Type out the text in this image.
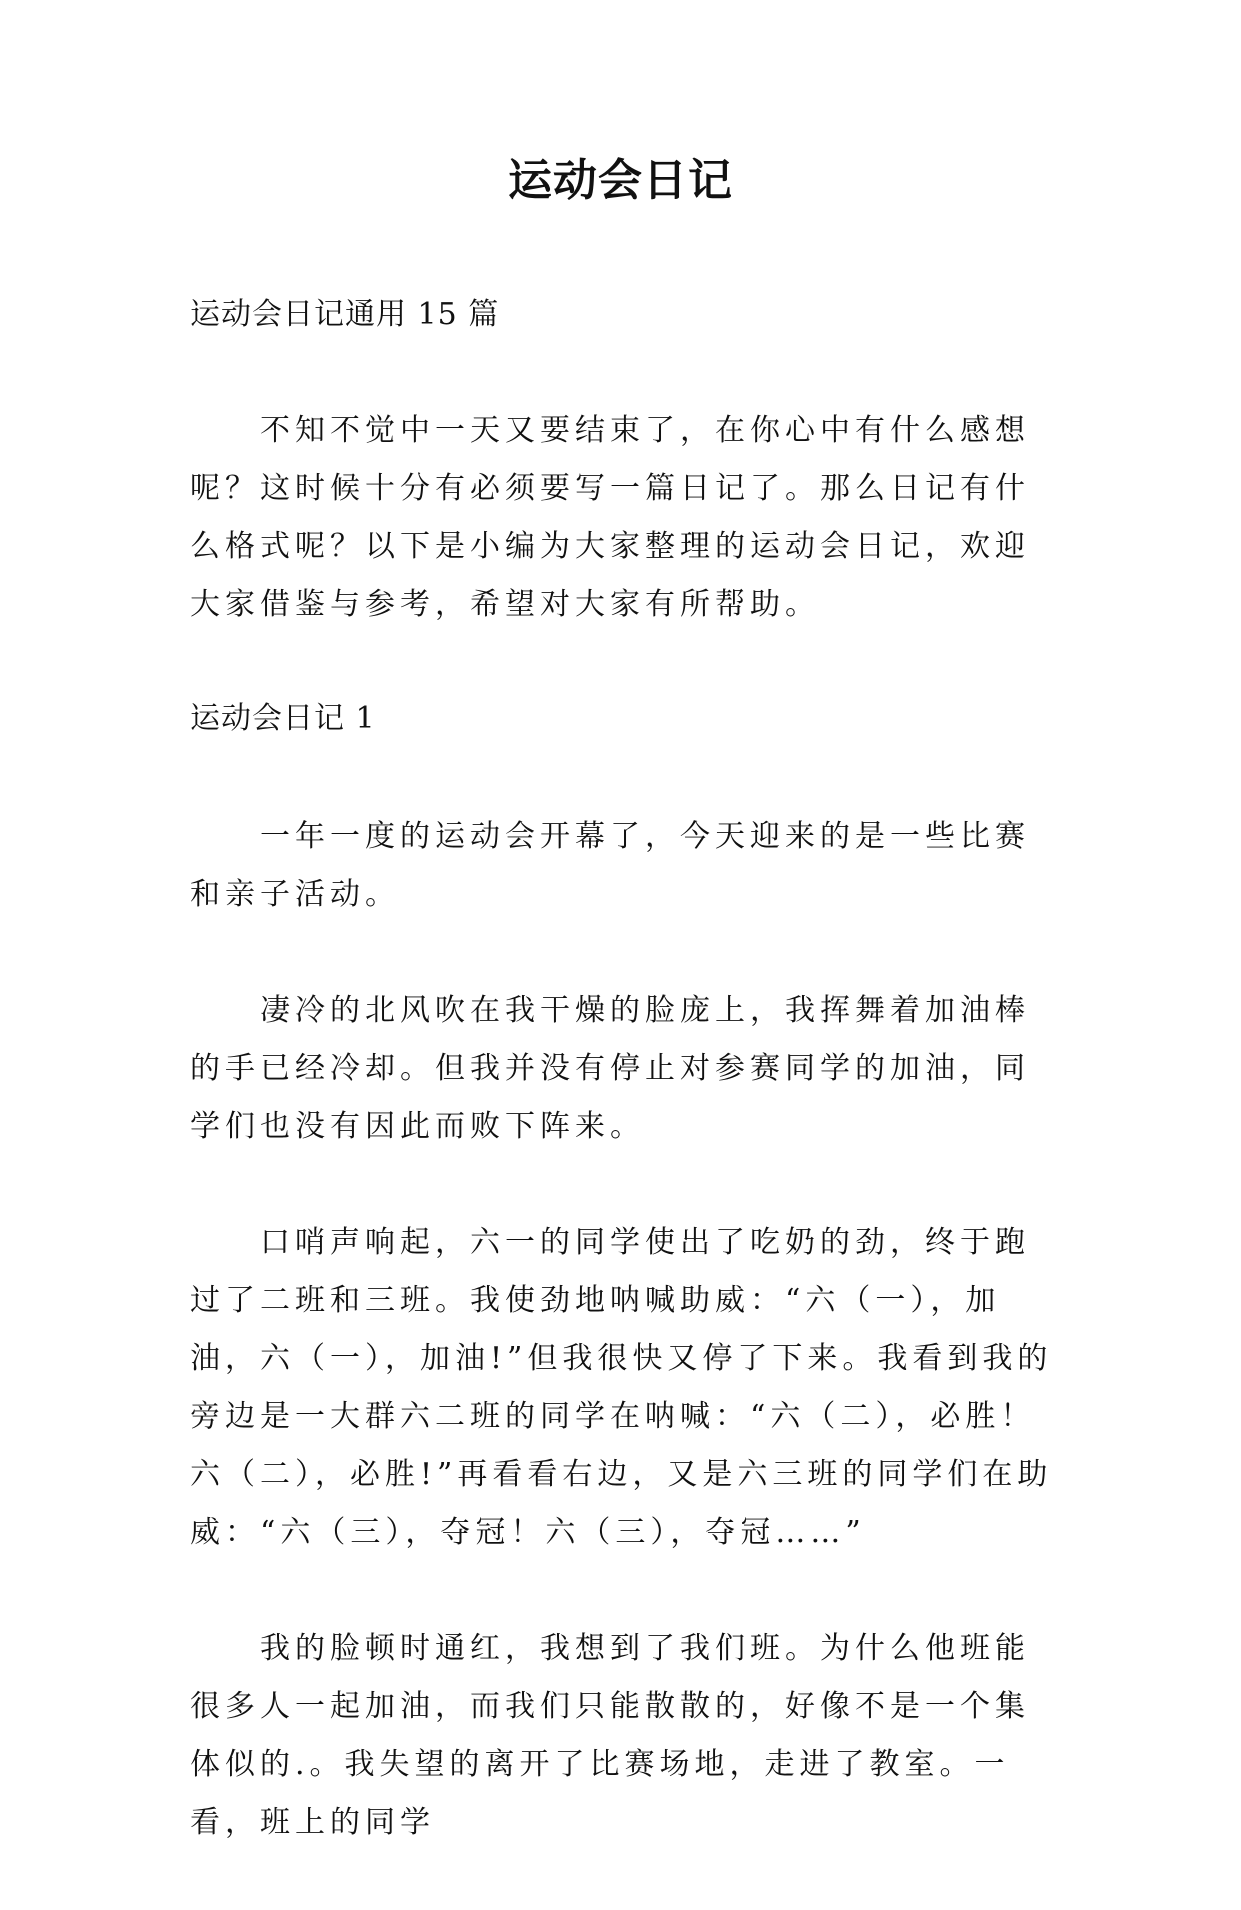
运动会日记

运动会日记通用 15 篇

不知不觉中一天又要结束了，在你心中有什么感想呢？这时候十分有必须要写一篇日记了。那么日记有什么格式呢？以下是小编为大家整理的运动会日记，欢迎大家借鉴与参考，希望对大家有所帮助。

运动会日记 1

一年一度的运动会开幕了，今天迎来的是一些比赛和亲子活动。

凄冷的北风吹在我干燥的脸庞上，我挥舞着加油棒的手已经冷却。但我并没有停止对参赛同学的加油，同学们也没有因此而败下阵来。

口哨声响起，六一的同学使出了吃奶的劲，终于跑过了二班和三班。我使劲地呐喊助威：“六（一），加油，六（一），加油!”但我很快又停了下来。我看到我的旁边是一大群六二班的同学在呐喊：“六（二），必胜！六（二），必胜!”再看看右边，又是六三班的同学们在助威：“六（三），夺冠！六（三），夺冠……”

我的脸顿时通红，我想到了我们班。为什么他班能很多人一起加油，而我们只能散散的，好像不是一个集体似的.。我失望的离开了比赛场地，走进了教室。一看，班上的同学
